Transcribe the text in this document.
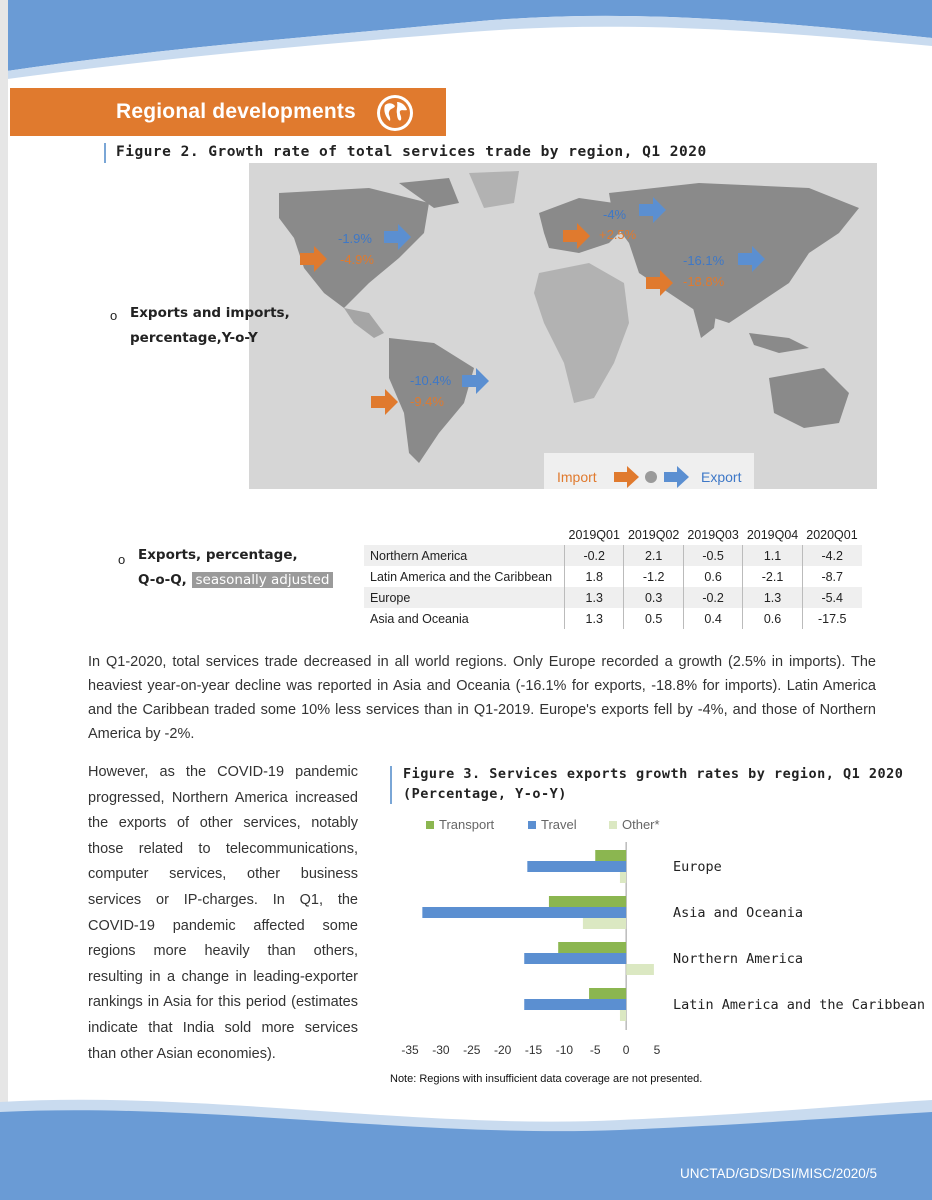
Regional developments
Figure 2. Growth rate of total services trade by region, Q1 2020
-1.9%
-4.9%
-4%
+2.5%
-16.1%
-18.8%
-10.4%
-9.4%
Import	Export
o Exports and imports,
percentage,Y-o-Y
o Exports, percentage,
Q-o-Q, seasonally adjusted
	2019Q01	2019Q02	2019Q03	2019Q04	2020Q01
Northern America	-0.2	2.1	-0.5	1.1	-4.2
Latin America and the Caribbean	1.8	-1.2	0.6	-2.1	-8.7
Europe	1.3	0.3	-0.2	1.3	-5.4
Asia and Oceania	1.3	0.5	0.4	0.6	-17.5
In Q1-2020, total services trade decreased in all world regions. Only Europe recorded a growth (2.5% in imports). The heaviest year-on-year decline was reported in Asia and Oceania (-16.1% for exports, -18.8% for imports). Latin America and the Caribbean traded some 10% less services than in Q1-2019. Europe's exports fell by -4%, and those of Northern America by -2%.
However, as the COVID-19 pandemic progressed, Northern America increased the exports of other services, notably those related to telecommunications, computer services, other business services or IP-charges. In Q1, the COVID-19 pandemic affected some regions more heavily than others, resulting in a change in leading-exporter rankings in Asia for this period (estimates indicate that India sold more services than other Asian economies).
Figure 3. Services exports growth rates by region, Q1 2020
(Percentage, Y-o-Y)
Transport	Travel	Other*
Europe
Asia and Oceania
Northern America
Latin America and the Caribbean
-35 -30 -25 -20 -15 -10 -5 0 5
Note: Regions with insufficient data coverage are not presented.
UNCTAD/GDS/DSI/MISC/2020/5
